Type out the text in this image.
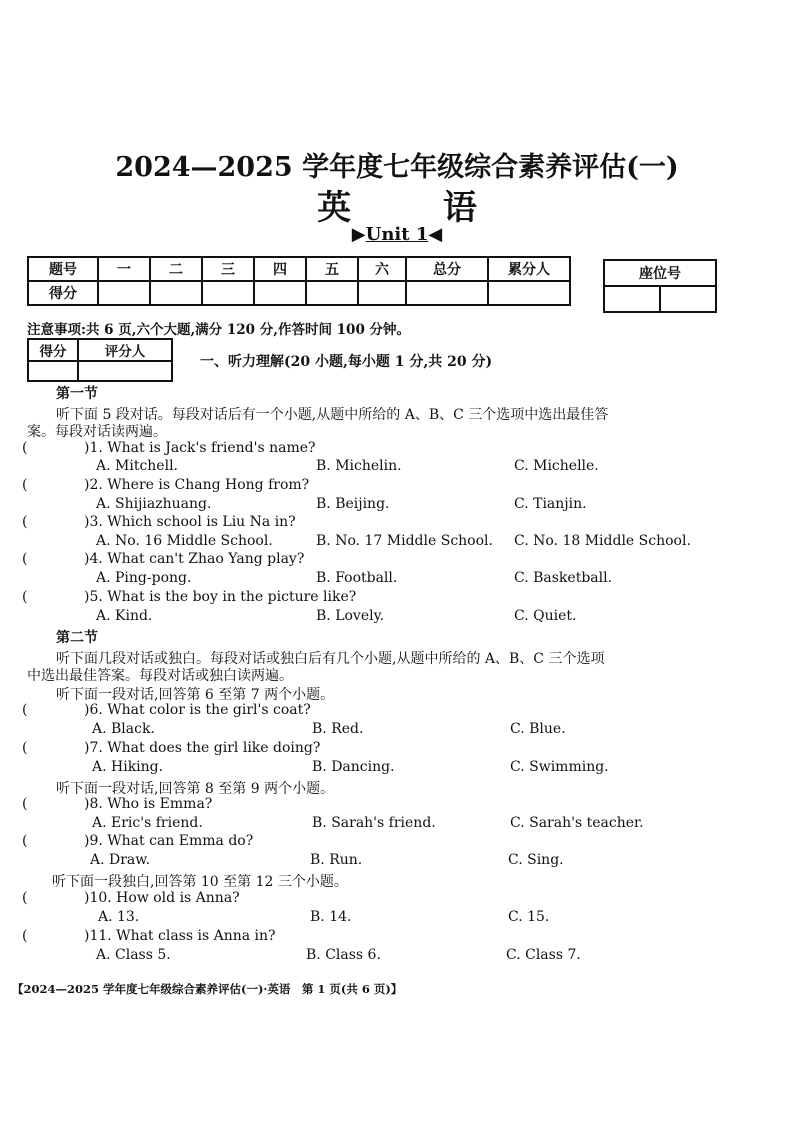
2024—2025 学年度七年级综合素养评估(一)
英 语
▶Unit 1◀
题号	一	二	三	四	五	六	总分	累分人
得分								
座位号

注意事项:共 6 页,六个大题,满分 120 分,作答时间 100 分钟。
得分	评分人

一、听力理解(20 小题,每小题 1 分,共 20 分)
第一节
听下面 5 段对话。每段对话后有一个小题,从题中所给的 A、B、C 三个选项中选出最佳答
案。每段对话读两遍。
(	)1. What is Jack's friend's name?
A. Mitchell.	B. Michelin.	C. Michelle.
(	)2. Where is Chang Hong from?
A. Shijiazhuang.	B. Beijing.	C. Tianjin.
(	)3. Which school is Liu Na in?
A. No. 16 Middle School.	B. No. 17 Middle School. C. No. 18 Middle School.
(	)4. What can't Zhao Yang play?
A. Ping-pong.	B. Football.	C. Basketball.
(	)5. What is the boy in the picture like?
A. Kind.	B. Lovely.	C. Quiet.
第二节
听下面几段对话或独白。每段对话或独白后有几个小题,从题中所给的 A、B、C 三个选项
中选出最佳答案。每段对话或独白读两遍。
听下面一段对话,回答第 6 至第 7 两个小题。
(	)6. What color is the girl's coat?
A. Black.	B. Red.	C. Blue.
(	)7. What does the girl like doing?
A. Hiking.	B. Dancing.	C. Swimming.
听下面一段对话,回答第 8 至第 9 两个小题。
(	)8. Who is Emma?
A. Eric's friend.	B. Sarah's friend.	C. Sarah's teacher.
(	)9. What can Emma do?
A. Draw.	B. Run.	C. Sing.
听下面一段独白,回答第 10 至第 12 三个小题。
(	)10. How old is Anna?
A. 13.	B. 14.	C. 15.
(	)11. What class is Anna in?
A. Class 5.	B. Class 6.	C. Class 7.
【2024—2025 学年度七年级综合素养评估(一)·英语　第 1 页(共 6 页)】
